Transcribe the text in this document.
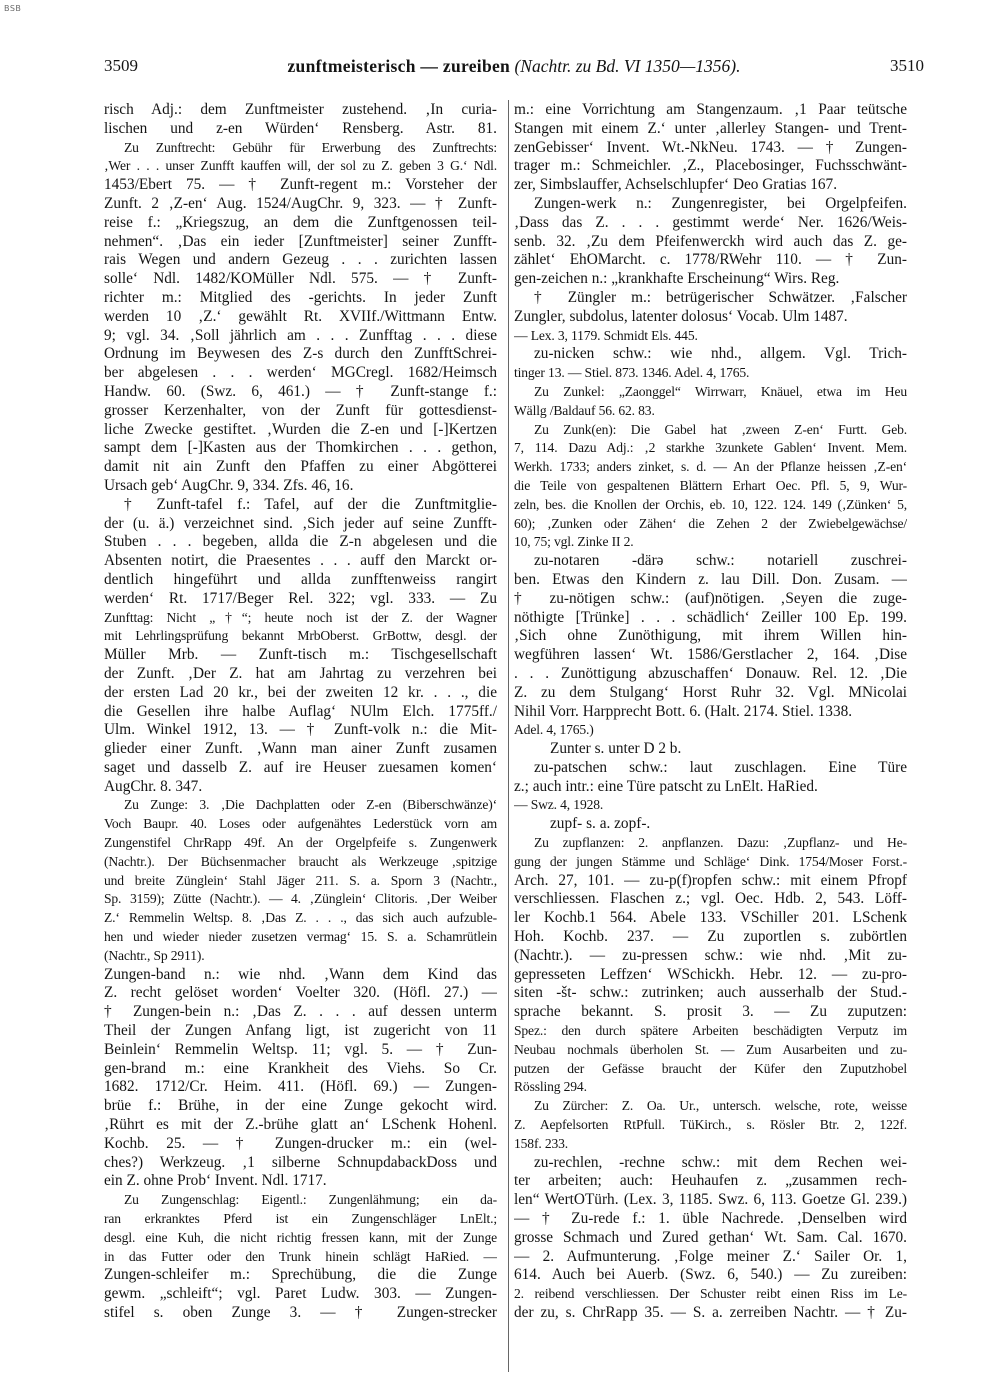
BSB
3509	zunftmeisterisch — zureiben (Nachtr. zu Bd. VI 1350—1356).	3510
risch Adj.: dem Zunftmeister zustehend. ‚In curia-
lischen und z-en Würden‘ Rensberg. Astr. 81.
Zu Zunftrecht: Gebühr für Erwerbung des Zunftrechts:
‚Wer . . . unser Zunfft kauffen will, der sol zu Z. geben 3 G.‘ Ndl.
1453/Ebert 75. — † Zunft-regent m.: Vorsteher der
Zunft. 2 ‚Z-en‘ Aug. 1524/AugChr. 9, 323. — † Zunft-
reise f.: „Kriegszug, an dem die Zunftgenossen teil-
nehmen“. ‚Das ein ieder [Zunftmeister] seiner Zunfft-
rais Wegen und andern Gezeug . . . zurichten lassen
solle‘ Ndl. 1482/KOMüller Ndl. 575. — † Zunft-
richter m.: Mitglied des -gerichts. In jeder Zunft
werden 10 ‚Z.‘ gewählt Rt. XVIIf./Wittmann Entw.
9; vgl. 34. ‚Soll jährlich am . . . Zunfftag . . . diese
Ordnung im Beywesen des Z-s durch den ZunfftSchrei-
ber abgelesen . . . werden‘ MGCregl. 1682/Heimsch
Handw. 60. (Swz. 6, 461.) — † Zunft-stange f.:
grosser Kerzenhalter, von der Zunft für gottesdienst-
liche Zwecke gestiftet. ‚Wurden die Z-en und [-]Kertzen
sampt dem [-]Kasten aus der Thomkirchen . . . gethon,
damit nit ain Zunft den Pfaffen zu einer Abgötterei
Ursach geb‘ AugChr. 9, 334. Zfs. 46, 16.
† Zunft-tafel f.: Tafel, auf der die Zunftmitglie-
der (u. ä.) verzeichnet sind. ‚Sich jeder auf seine Zunfft-
Stuben . . . begeben, allda die Z-n abgelesen und die
Absenten notirt, die Praesentes . . . auff den Marckt or-
dentlich hingeführt und allda zunfftenweiss rangirt
werden‘ Rt. 1717/Beger Rel. 322; vgl. 333. — Zu
Zunfttag: Nicht „†“; heute noch ist der Z. der Wagner
mit Lehrlingsprüfung bekannt MrbOberst. GrBottw, desgl. der
Müller Mrb. — Zunft-tisch m.: Tischgesellschaft
der Zunft. ‚Der Z. hat am Jahrtag zu verzehren bei
der ersten Lad 20 kr., bei der zweiten 12 kr. . . ., die
die Gesellen ihre halbe Auflag‘ NUlm Elch. 1775ff./
Ulm. Winkel 1912, 13. — † Zunft-volk n.: die Mit-
glieder einer Zunft. ‚Wann man ainer Zunft zusamen
saget und dasselb Z. auf ire Heuser zuesamen komen‘
AugChr. 8. 347.
Zu Zunge: 3. ‚Die Dachplatten oder Z-en (Biberschwänze)‘
Voch Baupr. 40. Loses oder aufgenähtes Lederstück vorn am
Zungenstifel ChrRapp 49f. An der Orgelpfeife s. Zungenwerk
(Nachtr.). Der Büchsenmacher braucht als Werkzeuge ‚spitzige
und breite Zünglein‘ Stahl Jäger 211. S. a. Sporn 3 (Nachtr.,
Sp. 3159); Zütte (Nachtr.). — 4. ‚Zünglein‘ Clitoris. ‚Der Weiber
Z.‘ Remmelin Weltsp. 8. ‚Das Z. . . ., das sich auch aufzuble-
hen und wieder nieder zusetzen vermag‘ 15. S. a. Schamrütlein
(Nachtr., Sp 2911).
Zungen-band n.: wie nhd. ‚Wann dem Kind das
Z. recht gelöset worden‘ Voelter 320. (Höfl. 27.) —
† Zungen-bein n.: ‚Das Z. . . . auf dessen unterm
Theil der Zungen Anfang ligt, ist zugericht von 11
Beinlein‘ Remmelin Weltsp. 11; vgl. 5. — † Zun-
gen-brand m.: eine Krankheit des Viehs. So Cr.
1682. 1712/Cr. Heim. 411. (Höfl. 69.) — Zungen-
brüe f.: Brühe, in der eine Zunge gekocht wird.
‚Rührt es mit der Z.-brühe glatt an‘ LSchenk Hohenl.
Kochb. 25. — † Zungen-drucker m.: ein (wel-
ches?) Werkzeug. ‚1 silberne SchnupdabackDoss und
ein Z. ohne Prob‘ Invent. Ndl. 1717.
Zu Zungenschlag: Eigentl.: Zungenlähmung; ein da-
ran erkranktes Pferd ist ein Zungenschläger LnElt.;
desgl. eine Kuh, die nicht richtig fressen kann, mit der Zunge
in das Futter oder den Trunk hinein schlägt HaRied. —
Zungen-schleifer m.: Sprechübung, die die Zunge
gewm. „schleift“; vgl. Paret Ludw. 303. — Zungen-
stifel s. oben Zunge 3. — † Zungen-strecker
m.: eine Vorrichtung am Stangenzaum. ‚1 Paar teütsche
Stangen mit einem Z.‘ unter ‚allerley Stangen- und Trent-
zenGebisser‘ Invent. Wt.-NkNeu. 1743. — † Zungen-
trager m.: Schmeichler. ‚Z., Placebosinger, Fuchsschwänt-
zer, Simbslauffer, Achselschlupfer‘ Deo Gratias 167.
Zungen-werk n.: Zungenregister, bei Orgelpfeifen.
‚Dass das Z. . . . gestimmt werde‘ Ner. 1626/Weis-
senb. 32. ‚Zu dem Pfeifenwerckh wird auch das Z. ge-
zählet‘ EhOMarcht. c. 1778/RWehr 110. — † Zun-
gen-zeichen n.: „krankhafte Erscheinung“ Wirs. Reg.
† Züngler m.: betrügerischer Schwätzer. ‚Falscher
Zungler, subdolus, latenter dolosus‘ Vocab. Ulm 1487.
— Lex. 3, 1179. Schmidt Els. 445.
zu-nicken schw.: wie nhd., allgem. Vgl. Trich-
tinger 13. — Stiel. 873. 1346. Adel. 4, 1765.
Zu Zunkel: „Zaonggel“ Wirrwarr, Knäuel, etwa im Heu
Wällg /Baldauf 56. 62. 83.
Zu Zunk(en): Die Gabel hat ‚zween Z-en‘ Furtt. Geb.
7, 114. Dazu Adj.: ‚2 starkhe 3zunkete Gablen‘ Invent. Mem.
Werkh. 1733; anders zinket, s. d. — An der Pflanze heissen ‚Z-en‘
die Teile von gespaltenen Blättern Erhart Oec. Pfl. 5, 9, Wur-
zeln, bes. die Knollen der Orchis, eb. 10, 122. 124. 149 (‚Zünken‘ 5,
60); ‚Zunken oder Zähen‘ die Zehen 2 der Zwiebelgewächse/
10, 75; vgl. Zinke II 2.
zu-notaren -därə schw.: notariell zuschrei-
ben. Etwas den Kindern z. lau Dill. Don. Zusam. —
† zu-nötigen schw.: (auf)nötigen. ‚Seyen die zuge-
nöthigte [Trünke] . . . schädlich‘ Zeiller 100 Ep. 199.
‚Sich ohne Zunöthigung, mit ihrem Willen hin-
wegführen lassen‘ Wt. 1586/Gerstlacher 2, 164. ‚Dise
. . . Zunöttigung abzuschaffen‘ Donauw. Rel. 12. ‚Die
Z. zu dem Stulgang‘ Horst Ruhr 32. Vgl. MNicolai
Nihil Vorr. Harpprecht Bott. 6. (Halt. 2174. Stiel. 1338.
Adel. 4, 1765.)
Zunter s. unter D 2 b.
zu-patschen schw.: laut zuschlagen. Eine Türe
z.; auch intr.: eine Türe patscht zu LnElt. HaRied.
— Swz. 4, 1928.
zupf- s. a. zopf-.
Zu zupflanzen: 2. anpflanzen. Dazu: ‚Zupflanz- und He-
gung der jungen Stämme und Schläge‘ Dink. 1754/Moser Forst.-
Arch. 27, 101. — zu-p(f)ropfen schw.: mit einem Pfropf
verschliessen. Flaschen z.; vgl. Oec. Hdb. 2, 543. Löff-
ler Kochb.1 564. Abele 133. VSchiller 201. LSchenk
Hoh. Kochb. 237. — Zu zuportlen s. zubörtlen
(Nachtr.). — zu-pressen schw.: wie nhd. ‚Mit zu-
gepresseten Leffzen‘ WSchickh. Hebr. 12. — zu-pro-
siten -št- schw.: zutrinken; auch ausserhalb der Stud.-
sprache bekannt. S. prosit 3. — Zu zuputzen:
Spez.: den durch spätere Arbeiten beschädigten Verputz im
Neubau nochmals überholen St. — Zum Ausarbeiten und zu-
putzen der Gefässe braucht der Küfer den Zuputzhobel
Rössling 294.
Zu Zürcher: Z. Oa. Ur., untersch. welsche, rote, weisse
Z. Aepfelsorten RtPfull. TüKirch., s. Rösler Btr. 2, 122f.
158f. 233.
zu-rechlen, -rechne schw.: mit dem Rechen wei-
ter arbeiten; auch: Heuhaufen z. „zusammen rech-
len“ WertOTürh. (Lex. 3, 1185. Swz. 6, 113. Goetze Gl. 239.)
— † Zu-rede f.: 1. üble Nachrede. ‚Denselben wird
grosse Schmach und Zured gethan‘ Wt. Sam. Cal. 1670.
— 2. Aufmunterung. ‚Folge meiner Z.‘ Sailer Or. 1,
614. Auch bei Auerb. (Swz. 6, 540.) — Zu zureiben:
2. reibend verschliessen. Der Schuster reibt einen Riss im Le-
der zu, s. ChrRapp 35. — S. a. zerreiben Nachtr. — † Zu-
